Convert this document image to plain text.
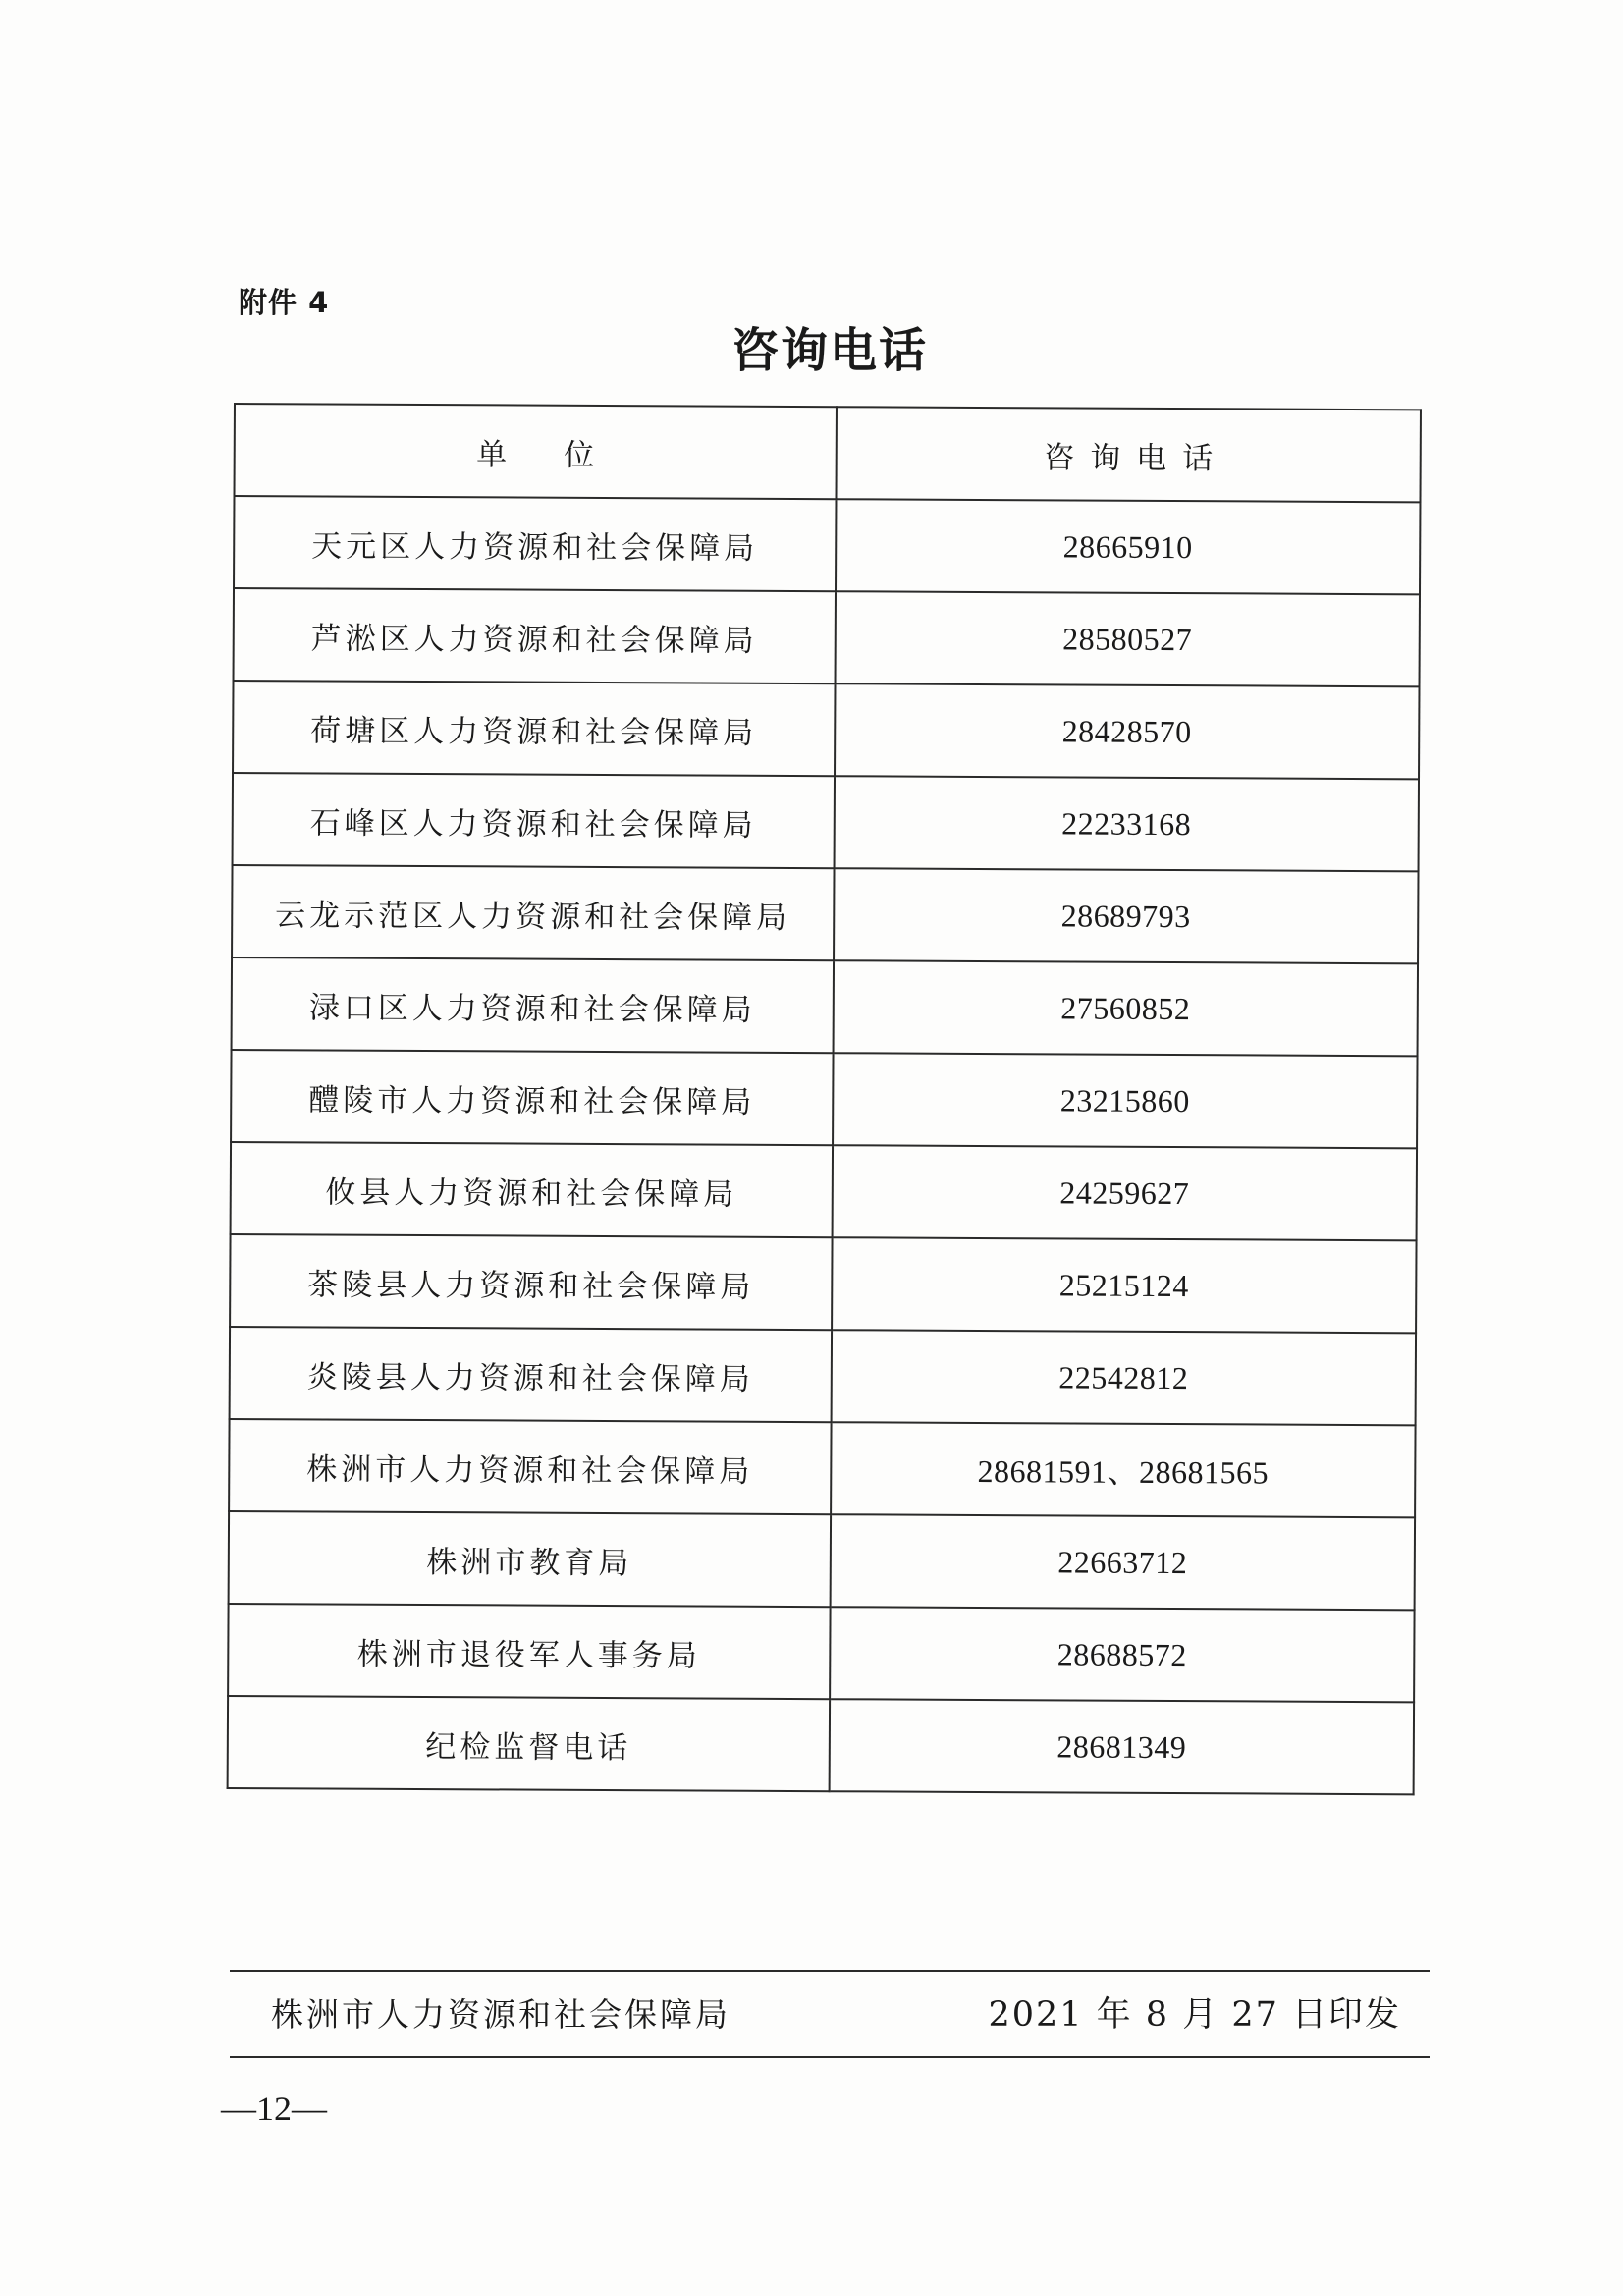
附件 4
咨询电话
单位	咨询电话
天元区人力资源和社会保障局	28665910
芦淞区人力资源和社会保障局	28580527
荷塘区人力资源和社会保障局	28428570
石峰区人力资源和社会保障局	22233168
云龙示范区人力资源和社会保障局	28689793
渌口区人力资源和社会保障局	27560852
醴陵市人力资源和社会保障局	23215860
攸县人力资源和社会保障局	24259627
茶陵县人力资源和社会保障局	25215124
炎陵县人力资源和社会保障局	22542812
株洲市人力资源和社会保障局	28681591、28681565
株洲市教育局	22663712
株洲市退役军人事务局	28688572
纪检监督电话	28681349
株洲市人力资源和社会保障局	2021 年 8 月 27 日印发
—12—
